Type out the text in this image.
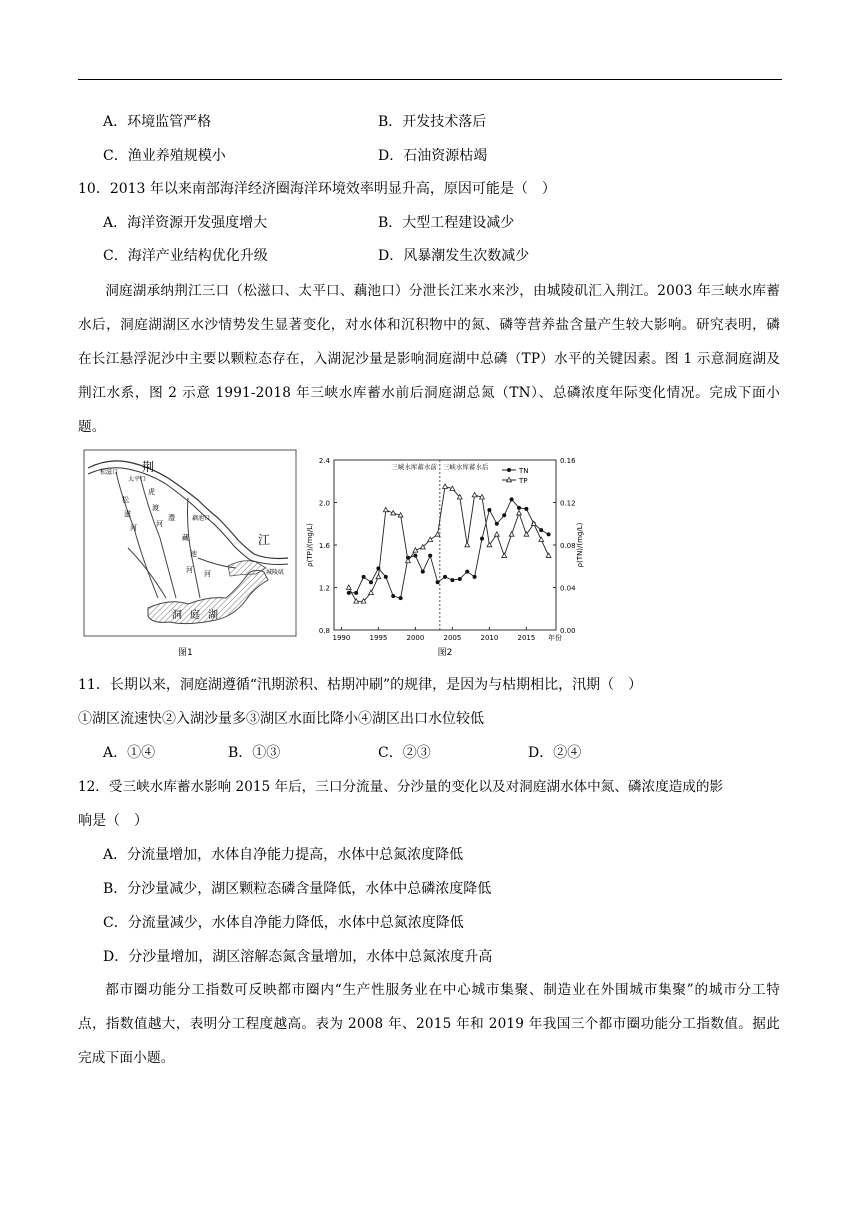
A．环境监管严格	B．开发技术落后
C．渔业养殖规模小	D．石油资源枯竭
10．2013 年以来南部海洋经济圈海洋环境效率明显升高，原因可能是（　）
A．海洋资源开发强度增大	B．大型工程建设减少
C．海洋产业结构优化升级	D．风暴潮发生次数减少
洞庭湖承纳荆江三口（松滋口、太平口、藕池口）分泄长江来水来沙，由城陵矶汇入荆江。2003 年三峡水库蓄水后，洞庭湖湖区水沙情势发生显著变化，对水体和沉积物中的氮、磷等营养盐含量产生较大影响。研究表明，磷在长江悬浮泥沙中主要以颗粒态存在，入湖泥沙量是影响洞庭湖中总磷（TP）水平的关键因素。图 1 示意洞庭湖及荆江水系，图 2 示意 1991-2018 年三峡水库蓄水前后洞庭湖总氮（TN）、总磷浓度年际变化情况。完成下面小题。
荆
江
松滋口
太平口
藕池口
城陵矶
松
滋
河
虎
渡
河
澧
藏
池
河 河
洞 庭 湖
图1
0.8
1.2
1.6
2.0
2.4
0.00
0.04
0.08
0.12
0.16
1990	1995	2000	2005	2010	2015 年份
ρ(TP)/(mg/L)	ρ(TN)/(mg/L)
三峡水库蓄水前 三峡水库蓄水后	TN
TP
图2
11．长期以来，洞庭湖遵循“汛期淤积、枯期冲刷”的规律，是因为与枯期相比，汛期（　）
①湖区流速快②入湖沙量多③湖区水面比降小④湖区出口水位较低
A．①④	B．①③	C．②③	D．②④
12．受三峡水库蓄水影响 2015 年后，三口分流量、分沙量的变化以及对洞庭湖水体中氮、磷浓度造成的影
响是（　）
A．分流量增加，水体自净能力提高，水体中总氮浓度降低
B．分沙量减少，湖区颗粒态磷含量降低，水体中总磷浓度降低
C．分流量减少，水体自净能力降低，水体中总氮浓度降低
D．分沙量增加，湖区溶解态氮含量增加，水体中总氮浓度升高
都市圈功能分工指数可反映都市圈内“生产性服务业在中心城市集聚、制造业在外围城市集聚”的城市分工特点，指数值越大，表明分工程度越高。表为 2008 年、2015 年和 2019 年我国三个都市圈功能分工指数值。据此完成下面小题。
